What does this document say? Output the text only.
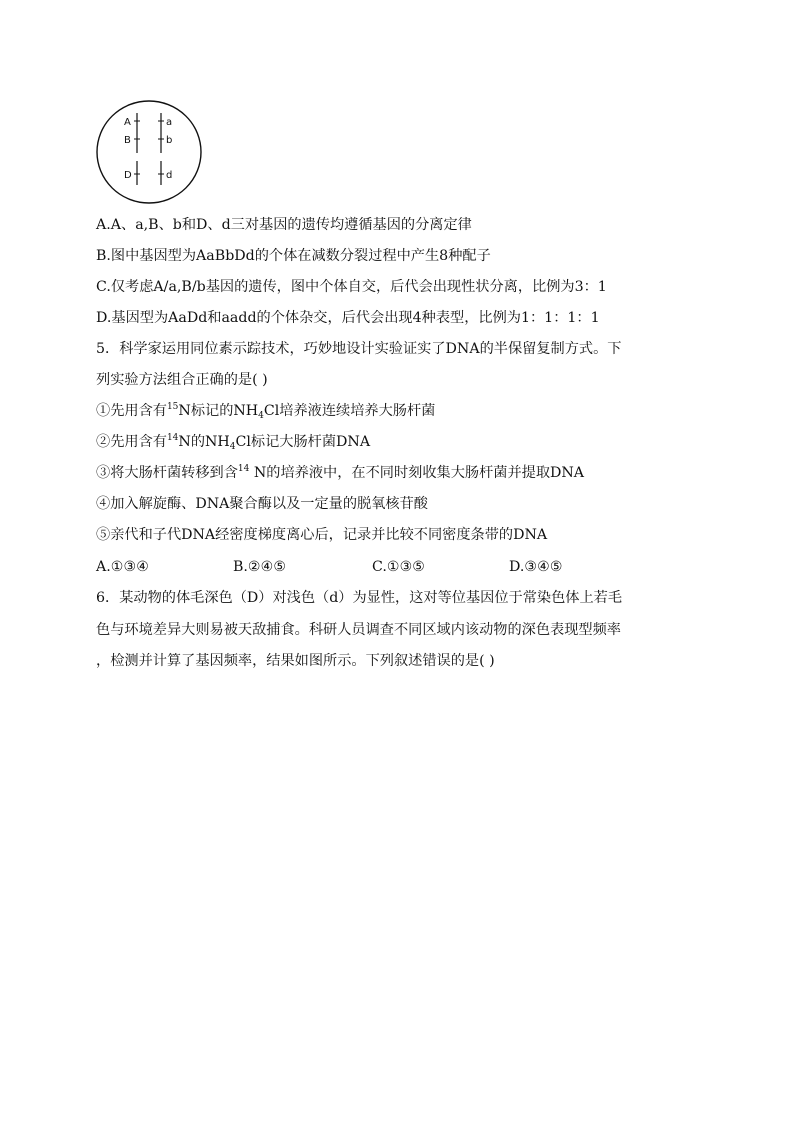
A	a
B	b
D	d
A.A、a,B、b和D、d三对基因的遗传均遵循基因的分离定律
B.图中基因型为AaBbDd的个体在减数分裂过程中产生8种配子
C.仅考虑A/a,B/b基因的遗传，图中个体自交，后代会出现性状分离，比例为3：1
D.基因型为AaDd和aadd的个体杂交，后代会出现4种表型，比例为1：1：1：1
5．科学家运用同位素示踪技术，巧妙地设计实验证实了DNA的半保留复制方式。下
列实验方法组合正确的是( )
①先用含有$^{15}$N标记的$NH_4Cl$培养液连续培养大肠杆菌
②先用含有$^{14}$N的$NH_4Cl$标记大肠杆菌DNA
③将大肠杆菌转移到含$^{14}$ N的培养液中，在不同时刻收集大肠杆菌并提取DNA
④加入解旋酶、DNA聚合酶以及一定量的脱氧核苷酸
⑤亲代和子代DNA经密度梯度离心后，记录并比较不同密度条带的DNA
A.①③④	B.②④⑤	C.①③⑤	D.③④⑤
6．某动物的体毛深色（D）对浅色（d）为显性，这对等位基因位于常染色体上若毛
色与环境差异大则易被天敌捕食。科研人员调查不同区域内该动物的深色表现型频率
，检测并计算了基因频率，结果如图所示。下列叙述错误的是( )
